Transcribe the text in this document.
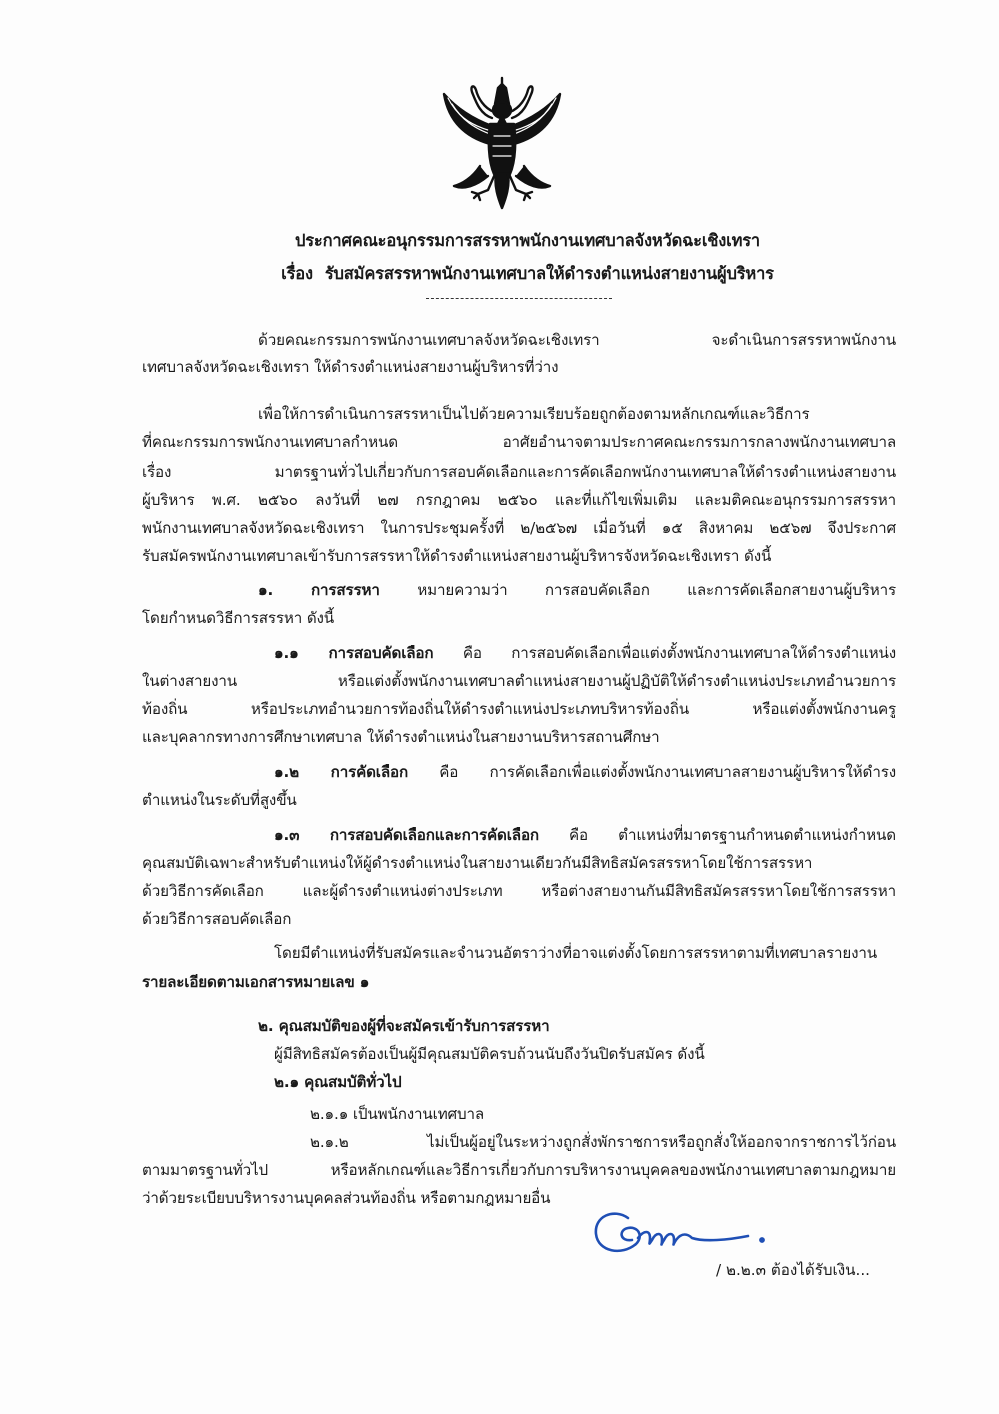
ประกาศคณะอนุกรรมการสรรหาพนักงานเทศบาลจังหวัดฉะเชิงเทรา
เรื่อง รับสมัครสรรหาพนักงานเทศบาลให้ดำรงตำแหน่งสายงานผู้บริหาร
ด้วยคณะกรรมการพนักงานเทศบาลจังหวัดฉะเชิงเทรา จะดำเนินการสรรหาพนักงาน
เทศบาลจังหวัดฉะเชิงเทรา ให้ดำรงตำแหน่งสายงานผู้บริหารที่ว่าง
เพื่อให้การดำเนินการสรรหาเป็นไปด้วยความเรียบร้อยถูกต้องตามหลักเกณฑ์และวิธีการ
ที่คณะกรรมการพนักงานเทศบาลกำหนด อาศัยอำนาจตามประกาศคณะกรรมการกลางพนักงานเทศบาล
เรื่อง มาตรฐานทั่วไปเกี่ยวกับการสอบคัดเลือกและการคัดเลือกพนักงานเทศบาลให้ดำรงตำแหน่งสายงาน
ผู้บริหาร พ.ศ. ๒๕๖๐ ลงวันที่ ๒๗ กรกฎาคม ๒๕๖๐ และที่แก้ไขเพิ่มเติม และมติคณะอนุกรรมการสรรหา
พนักงานเทศบาลจังหวัดฉะเชิงเทรา ในการประชุมครั้งที่ ๒/๒๕๖๗ เมื่อวันที่ ๑๕ สิงหาคม ๒๕๖๗ จึงประกาศ
รับสมัครพนักงานเทศบาลเข้ารับการสรรหาให้ดำรงตำแหน่งสายงานผู้บริหารจังหวัดฉะเชิงเทรา ดังนี้
๑. การสรรหา หมายความว่า การสอบคัดเลือก และการคัดเลือกสายงานผู้บริหาร
โดยกำหนดวิธีการสรรหา ดังนี้
๑.๑ การสอบคัดเลือก คือ การสอบคัดเลือกเพื่อแต่งตั้งพนักงานเทศบาลให้ดำรงตำแหน่ง
ในต่างสายงาน หรือแต่งตั้งพนักงานเทศบาลตำแหน่งสายงานผู้ปฏิบัติให้ดำรงตำแหน่งประเภทอำนวยการ
ท้องถิ่น หรือประเภทอำนวยการท้องถิ่นให้ดำรงตำแหน่งประเภทบริหารท้องถิ่น หรือแต่งตั้งพนักงานครู
และบุคลากรทางการศึกษาเทศบาล ให้ดำรงตำแหน่งในสายงานบริหารสถานศึกษา
๑.๒ การคัดเลือก คือ การคัดเลือกเพื่อแต่งตั้งพนักงานเทศบาลสายงานผู้บริหารให้ดำรง
ตำแหน่งในระดับที่สูงขึ้น
๑.๓ การสอบคัดเลือกและการคัดเลือก คือ ตำแหน่งที่มาตรฐานกำหนดตำแหน่งกำหนด
คุณสมบัติเฉพาะสำหรับตำแหน่งให้ผู้ดำรงตำแหน่งในสายงานเดียวกันมีสิทธิสมัครสรรหาโดยใช้การสรรหา
ด้วยวิธีการคัดเลือก และผู้ดำรงตำแหน่งต่างประเภท หรือต่างสายงานกันมีสิทธิสมัครสรรหาโดยใช้การสรรหา
ด้วยวิธีการสอบคัดเลือก
โดยมีตำแหน่งที่รับสมัครและจำนวนอัตราว่างที่อาจแต่งตั้งโดยการสรรหาตามที่เทศบาลรายงาน
รายละเอียดตามเอกสารหมายเลข ๑
๒. คุณสมบัติของผู้ที่จะสมัครเข้ารับการสรรหา
ผู้มีสิทธิสมัครต้องเป็นผู้มีคุณสมบัติครบถ้วนนับถึงวันปิดรับสมัคร ดังนี้
๒.๑ คุณสมบัติทั่วไป
๒.๑.๑ เป็นพนักงานเทศบาล
๒.๑.๒ ไม่เป็นผู้อยู่ในระหว่างถูกสั่งพักราชการหรือถูกสั่งให้ออกจากราชการไว้ก่อน
ตามมาตรฐานทั่วไป หรือหลักเกณฑ์และวิธีการเกี่ยวกับการบริหารงานบุคคลของพนักงานเทศบาลตามกฎหมาย
ว่าด้วยระเบียบบริหารงานบุคคลส่วนท้องถิ่น หรือตามกฎหมายอื่น
/ ๒.๒.๓ ต้องได้รับเงิน...
